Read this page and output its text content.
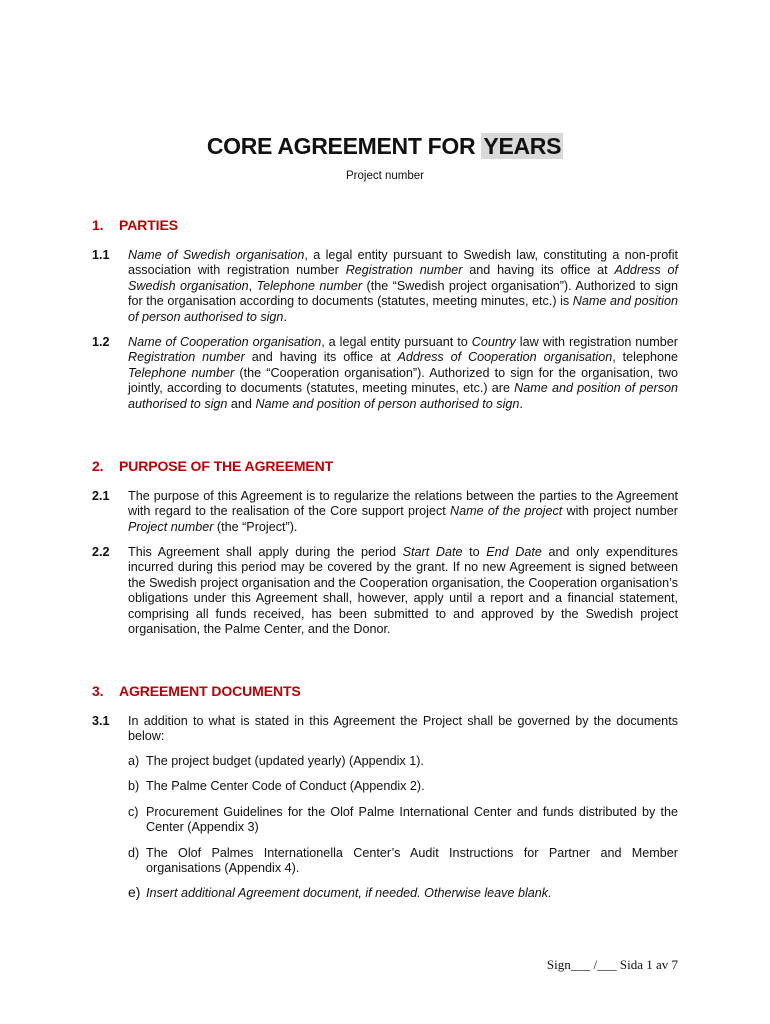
CORE AGREEMENT FOR YEARS
Project number
1. PARTIES
1.1	Name of Swedish organisation, a legal entity pursuant to Swedish law, constituting a non-profit association with registration number Registration number and having its office at Address of Swedish organisation, Telephone number (the “Swedish project organisation”). Authorized to sign for the organisation according to documents (statutes, meeting minutes, etc.) is Name and position of person authorised to sign.
1.2	Name of Cooperation organisation, a legal entity pursuant to Country law with registration number Registration number and having its office at Address of Cooperation organisation, telephone Telephone number (the “Cooperation organisation”). Authorized to sign for the organisation, two jointly, according to documents (statutes, meeting minutes, etc.) are Name and position of person authorised to sign and Name and position of person authorised to sign.
2. PURPOSE OF THE AGREEMENT
2.1	The purpose of this Agreement is to regularize the relations between the parties to the Agreement with regard to the realisation of the Core support project Name of the project with project number Project number (the “Project”).
2.2	This Agreement shall apply during the period Start Date to End Date and only expenditures incurred during this period may be covered by the grant. If no new Agreement is signed between the Swedish project organisation and the Cooperation organisation, the Cooperation organisation’s obligations under this Agreement shall, however, apply until a report and a financial statement, comprising all funds received, has been submitted to and approved by the Swedish project organisation, the Palme Center, and the Donor.
3. AGREEMENT DOCUMENTS
3.1	In addition to what is stated in this Agreement the Project shall be governed by the documents below:
a) The project budget (updated yearly) (Appendix 1).
b) The Palme Center Code of Conduct (Appendix 2).
c) Procurement Guidelines for the Olof Palme International Center and funds distributed by the Center (Appendix 3)
d) The Olof Palmes Internationella Center’s Audit Instructions for Partner and Member organisations (Appendix 4).
e) Insert additional Agreement document, if needed. Otherwise leave blank.
Sign___ /___ Sida 1 av 7
